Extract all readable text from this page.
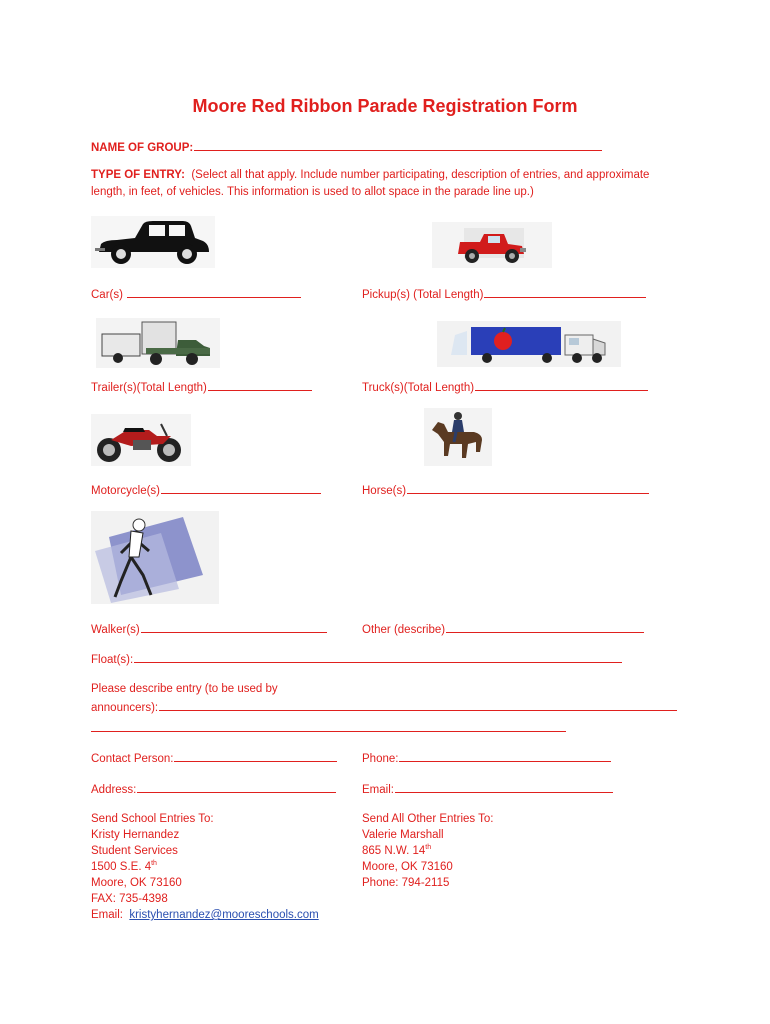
Moore Red Ribbon Parade Registration Form
NAME OF GROUP:
TYPE OF ENTRY: (Select all that apply. Include number participating, description of entries, and approximate
length, in feet, of vehicles. This information is used to allot space in the parade line up.)
Car(s)	Pickup(s) (Total Length)
Trailer(s)(Total Length)	Truck(s)(Total Length)
Motorcycle(s)	Horse(s)
Walker(s)	Other (describe)
Float(s):
Please describe entry (to be used by
announcers):
Contact Person:	Phone:
Address:	Email:
Send School Entries To:
Kristy Hernandez
Student Services
1500 S.E. 4th
Moore, OK 73160
FAX: 735-4398
Email: kristyhernandez@mooreschools.com
Send All Other Entries To:
Valerie Marshall
865 N.W. 14th
Moore, OK 73160
Phone: 794-2115
